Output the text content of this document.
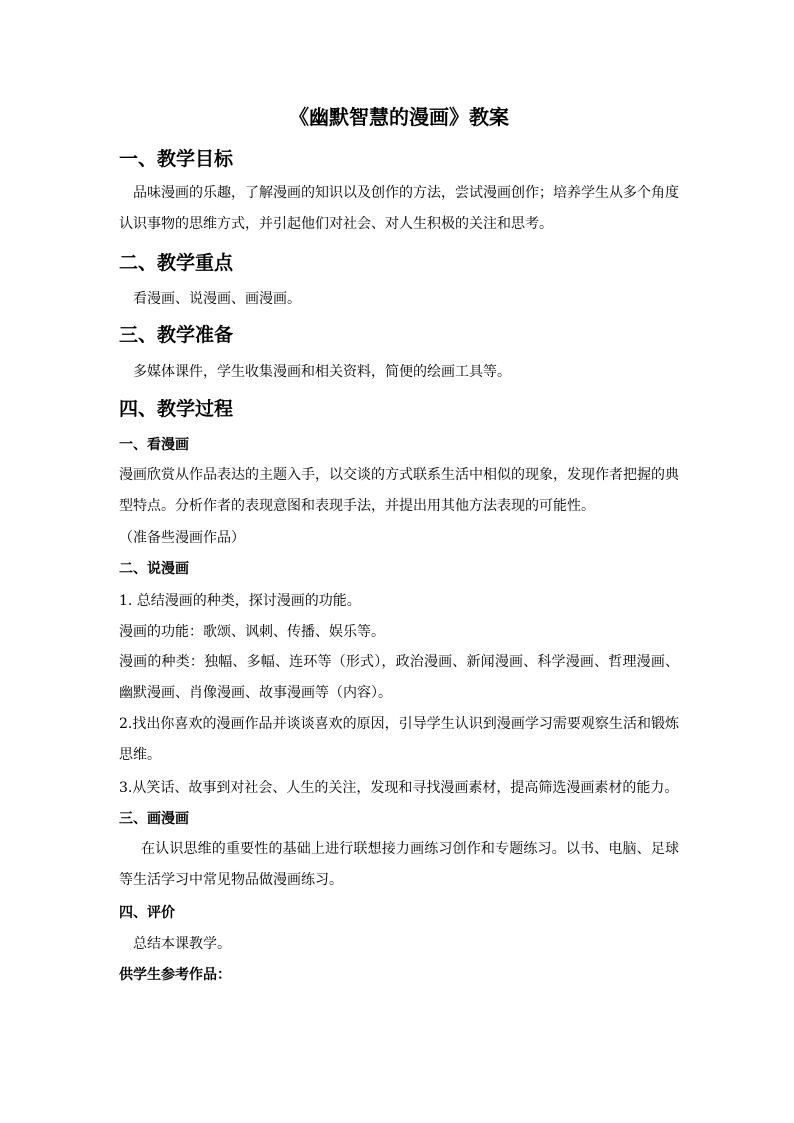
《幽默智慧的漫画》教案
一、教学目标

品味漫画的乐趣，了解漫画的知识以及创作的方法，尝试漫画创作；培养学生从多个角度认识事物的思维方式，并引起他们对社会、对人生积极的关注和思考。

二、教学重点

看漫画、说漫画、画漫画。

三、教学准备

多媒体课件，学生收集漫画和相关资料，简便的绘画工具等。

四、教学过程
一、看漫画

漫画欣赏从作品表达的主题入手，以交谈的方式联系生活中相似的现象，发现作者把握的典型特点。分析作者的表现意图和表现手法，并提出用其他方法表现的可能性。

（准备些漫画作品）

二、说漫画

1. 总结漫画的种类，探讨漫画的功能。

漫画的功能：歌颂、讽刺、传播、娱乐等。

漫画的种类：独幅、多幅、连环等（形式），政治漫画、新闻漫画、科学漫画、哲理漫画、幽默漫画、肖像漫画、故事漫画等（内容）。

2.找出你喜欢的漫画作品并谈谈喜欢的原因，引导学生认识到漫画学习需要观察生活和锻炼思维。

3.从笑话、故事到对社会、人生的关注，发现和寻找漫画素材，提高筛选漫画素材的能力。

三、画漫画

在认识思维的重要性的基础上进行联想接力画练习创作和专题练习。以书、电脑、足球等生活学习中常见物品做漫画练习。

四、评价

总结本课教学。

供学生参考作品：
